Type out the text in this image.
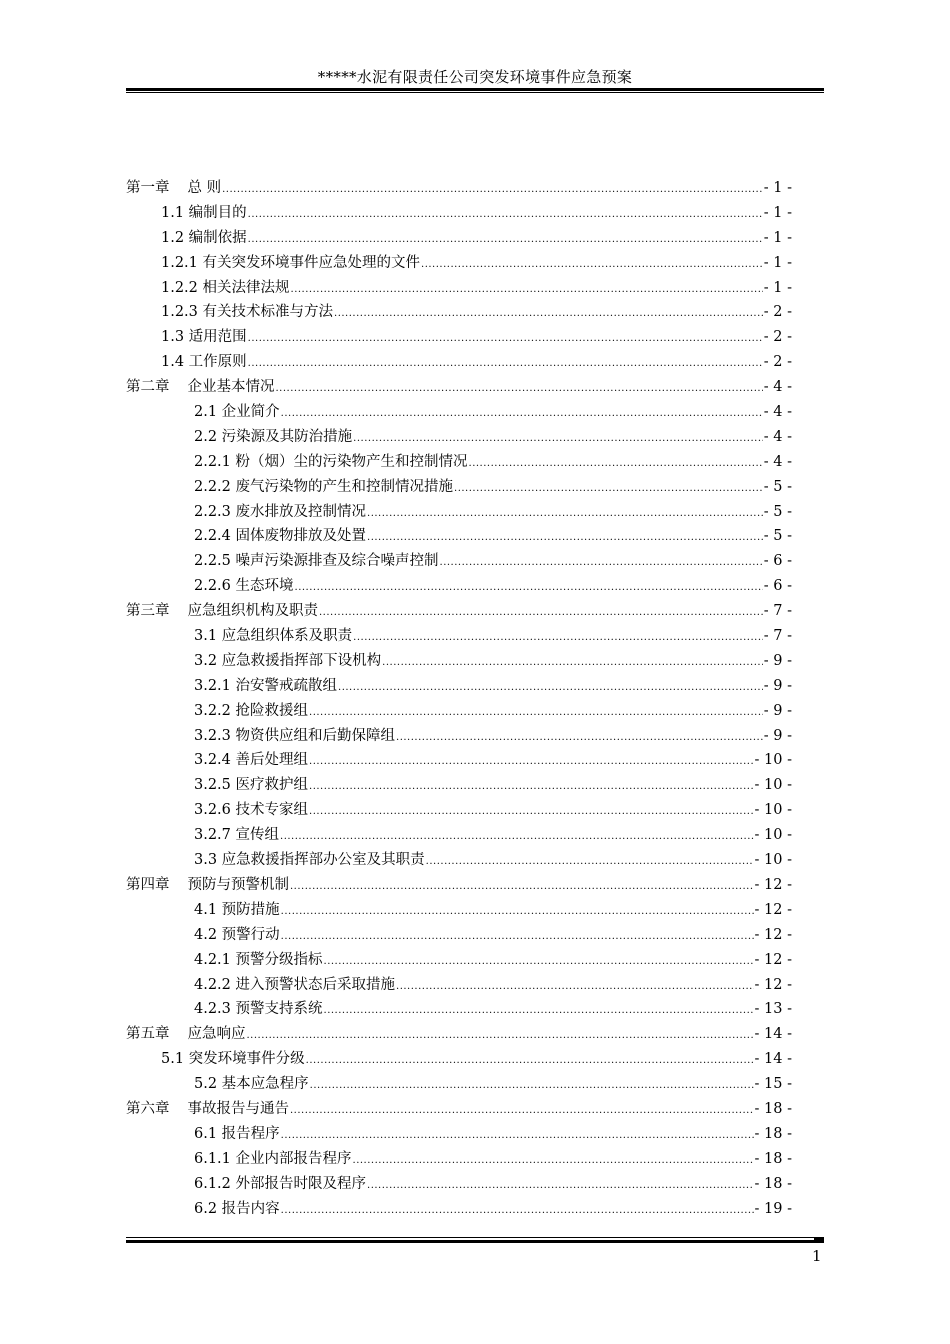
*****水泥有限责任公司突发环境事件应急预案
第一章 总 则 .....	- 1 -
1.1 编制目的 .....	- 1 -
1.2 编制依据 .....	- 1 -
1.2.1 有关突发环境事件应急处理的文件 .....	- 1 -
1.2.2 相关法律法规 .....	- 1 -
1.2.3 有关技术标准与方法 .....	- 2 -
1.3 适用范围 .....	- 2 -
1.4 工作原则 .....	- 2 -
第二章 企业基本情况 .....	- 4 -
2.1 企业简介 .....	- 4 -
2.2 污染源及其防治措施 .....	- 4 -
2.2.1 粉（烟）尘的污染物产生和控制情况 .....	- 4 -
2.2.2 废气污染物的产生和控制情况措施 .....	- 5 -
2.2.3 废水排放及控制情况 .....	- 5 -
2.2.4 固体废物排放及处置 .....	- 5 -
2.2.5 噪声污染源排查及综合噪声控制 .....	- 6 -
2.2.6 生态环境 .....	- 6 -
第三章 应急组织机构及职责 .....	- 7 -
3.1 应急组织体系及职责 .....	- 7 -
3.2 应急救援指挥部下设机构 .....	- 9 -
3.2.1 治安警戒疏散组 .....	- 9 -
3.2.2 抢险救援组 .....	- 9 -
3.2.3 物资供应组和后勤保障组 .....	- 9 -
3.2.4 善后处理组 .....	- 10 -
3.2.5 医疗救护组 .....	- 10 -
3.2.6 技术专家组 .....	- 10 -
3.2.7 宣传组 .....	- 10 -
3.3 应急救援指挥部办公室及其职责 .....	- 10 -
第四章 预防与预警机制 .....	- 12 -
4.1 预防措施 .....	- 12 -
4.2 预警行动 .....	- 12 -
4.2.1 预警分级指标 .....	- 12 -
4.2.2 进入预警状态后采取措施 .....	- 12 -
4.2.3 预警支持系统 .....	- 13 -
第五章 应急响应 .....	- 14 -
5.1 突发环境事件分级 .....	- 14 -
5.2 基本应急程序 .....	- 15 -
第六章 事故报告与通告 .....	- 18 -
6.1 报告程序 .....	- 18 -
6.1.1 企业内部报告程序 .....	- 18 -
6.1.2 外部报告时限及程序 .....	- 18 -
6.2 报告内容 .....	- 19 -
1
